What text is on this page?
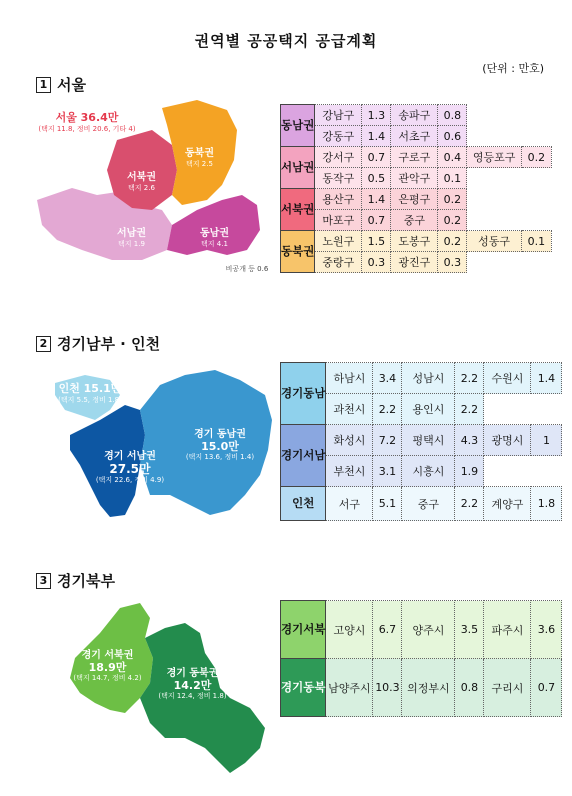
권역별 공공택지 공급계획
(단위 : 만호)
1 서울
서울 36.4만
(택지 11.8, 정비 20.6, 기타 4)
동북권
택지 2.5
서북권
택지 2.6
서남권
택지 1.9
동남권
택지 4.1
비공개 등 0.6
동남권	강남구	1.3	송파구	0.8		
	강동구	1.4	서초구	0.6		
서남권	강서구	0.7	구로구	0.4	영등포구	0.2
	동작구	0.5	관악구	0.1		
서북권	용산구	1.4	은평구	0.2		
	마포구	0.7	중구	0.2		
동북권	노원구	1.5	도봉구	0.2	성동구	0.1
	중랑구	0.3	광진구	0.3		
2 경기남부 · 인천
인천 15.1만
(택지 5.5, 정비 1.8)
경기 동남권
15.0만
(택지 13.6, 정비 1.4)
경기 서남권
27.5만
(택지 22.6, 정비 4.9)
경기동남	하남시	3.4	성남시	2.2	수원시	1.4
	과천시	2.2	용인시	2.2		
경기서남	화성시	7.2	평택시	4.3	광명시	1
	부천시	3.1	시흥시	1.9		
인천	서구	5.1	중구	2.2	계양구	1.8
3 경기북부
경기 서북권
18.9만
(택지 14.7, 정비 4.2)	경기 동북권
14.2만
(택지 12.4, 정비 1.8)
경기서북	고양시	6.7	양주시	3.5	파주시	3.6
경기동북	남양주시	10.3	의정부시	0.8	구리시	0.7
